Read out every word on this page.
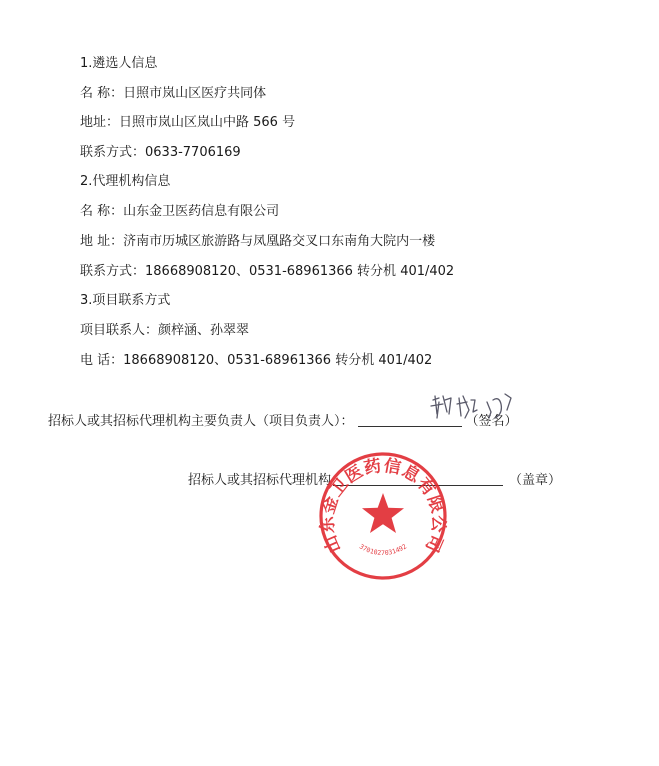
1.遴选人信息
名 称：日照市岚山区医疗共同体
地址：日照市岚山区岚山中路 566 号
联系方式：0633-7706169
2.代理机构信息
名 称：山东金卫医药信息有限公司
地 址：济南市历城区旅游路与凤凰路交叉口东南角大院内一楼
联系方式：18668908120、0531-68961366 转分机 401/402
3.项目联系方式
项目联系人：颜梓涵、孙翠翠
电 话：18668908120、0531-68961366 转分机 401/402
招标人或其招标代理机构主要负责人（项目负责人）：	（签名）
招标人或其招标代理机构	（盖章）
山东金卫医药信息有限公司
3701027031492
